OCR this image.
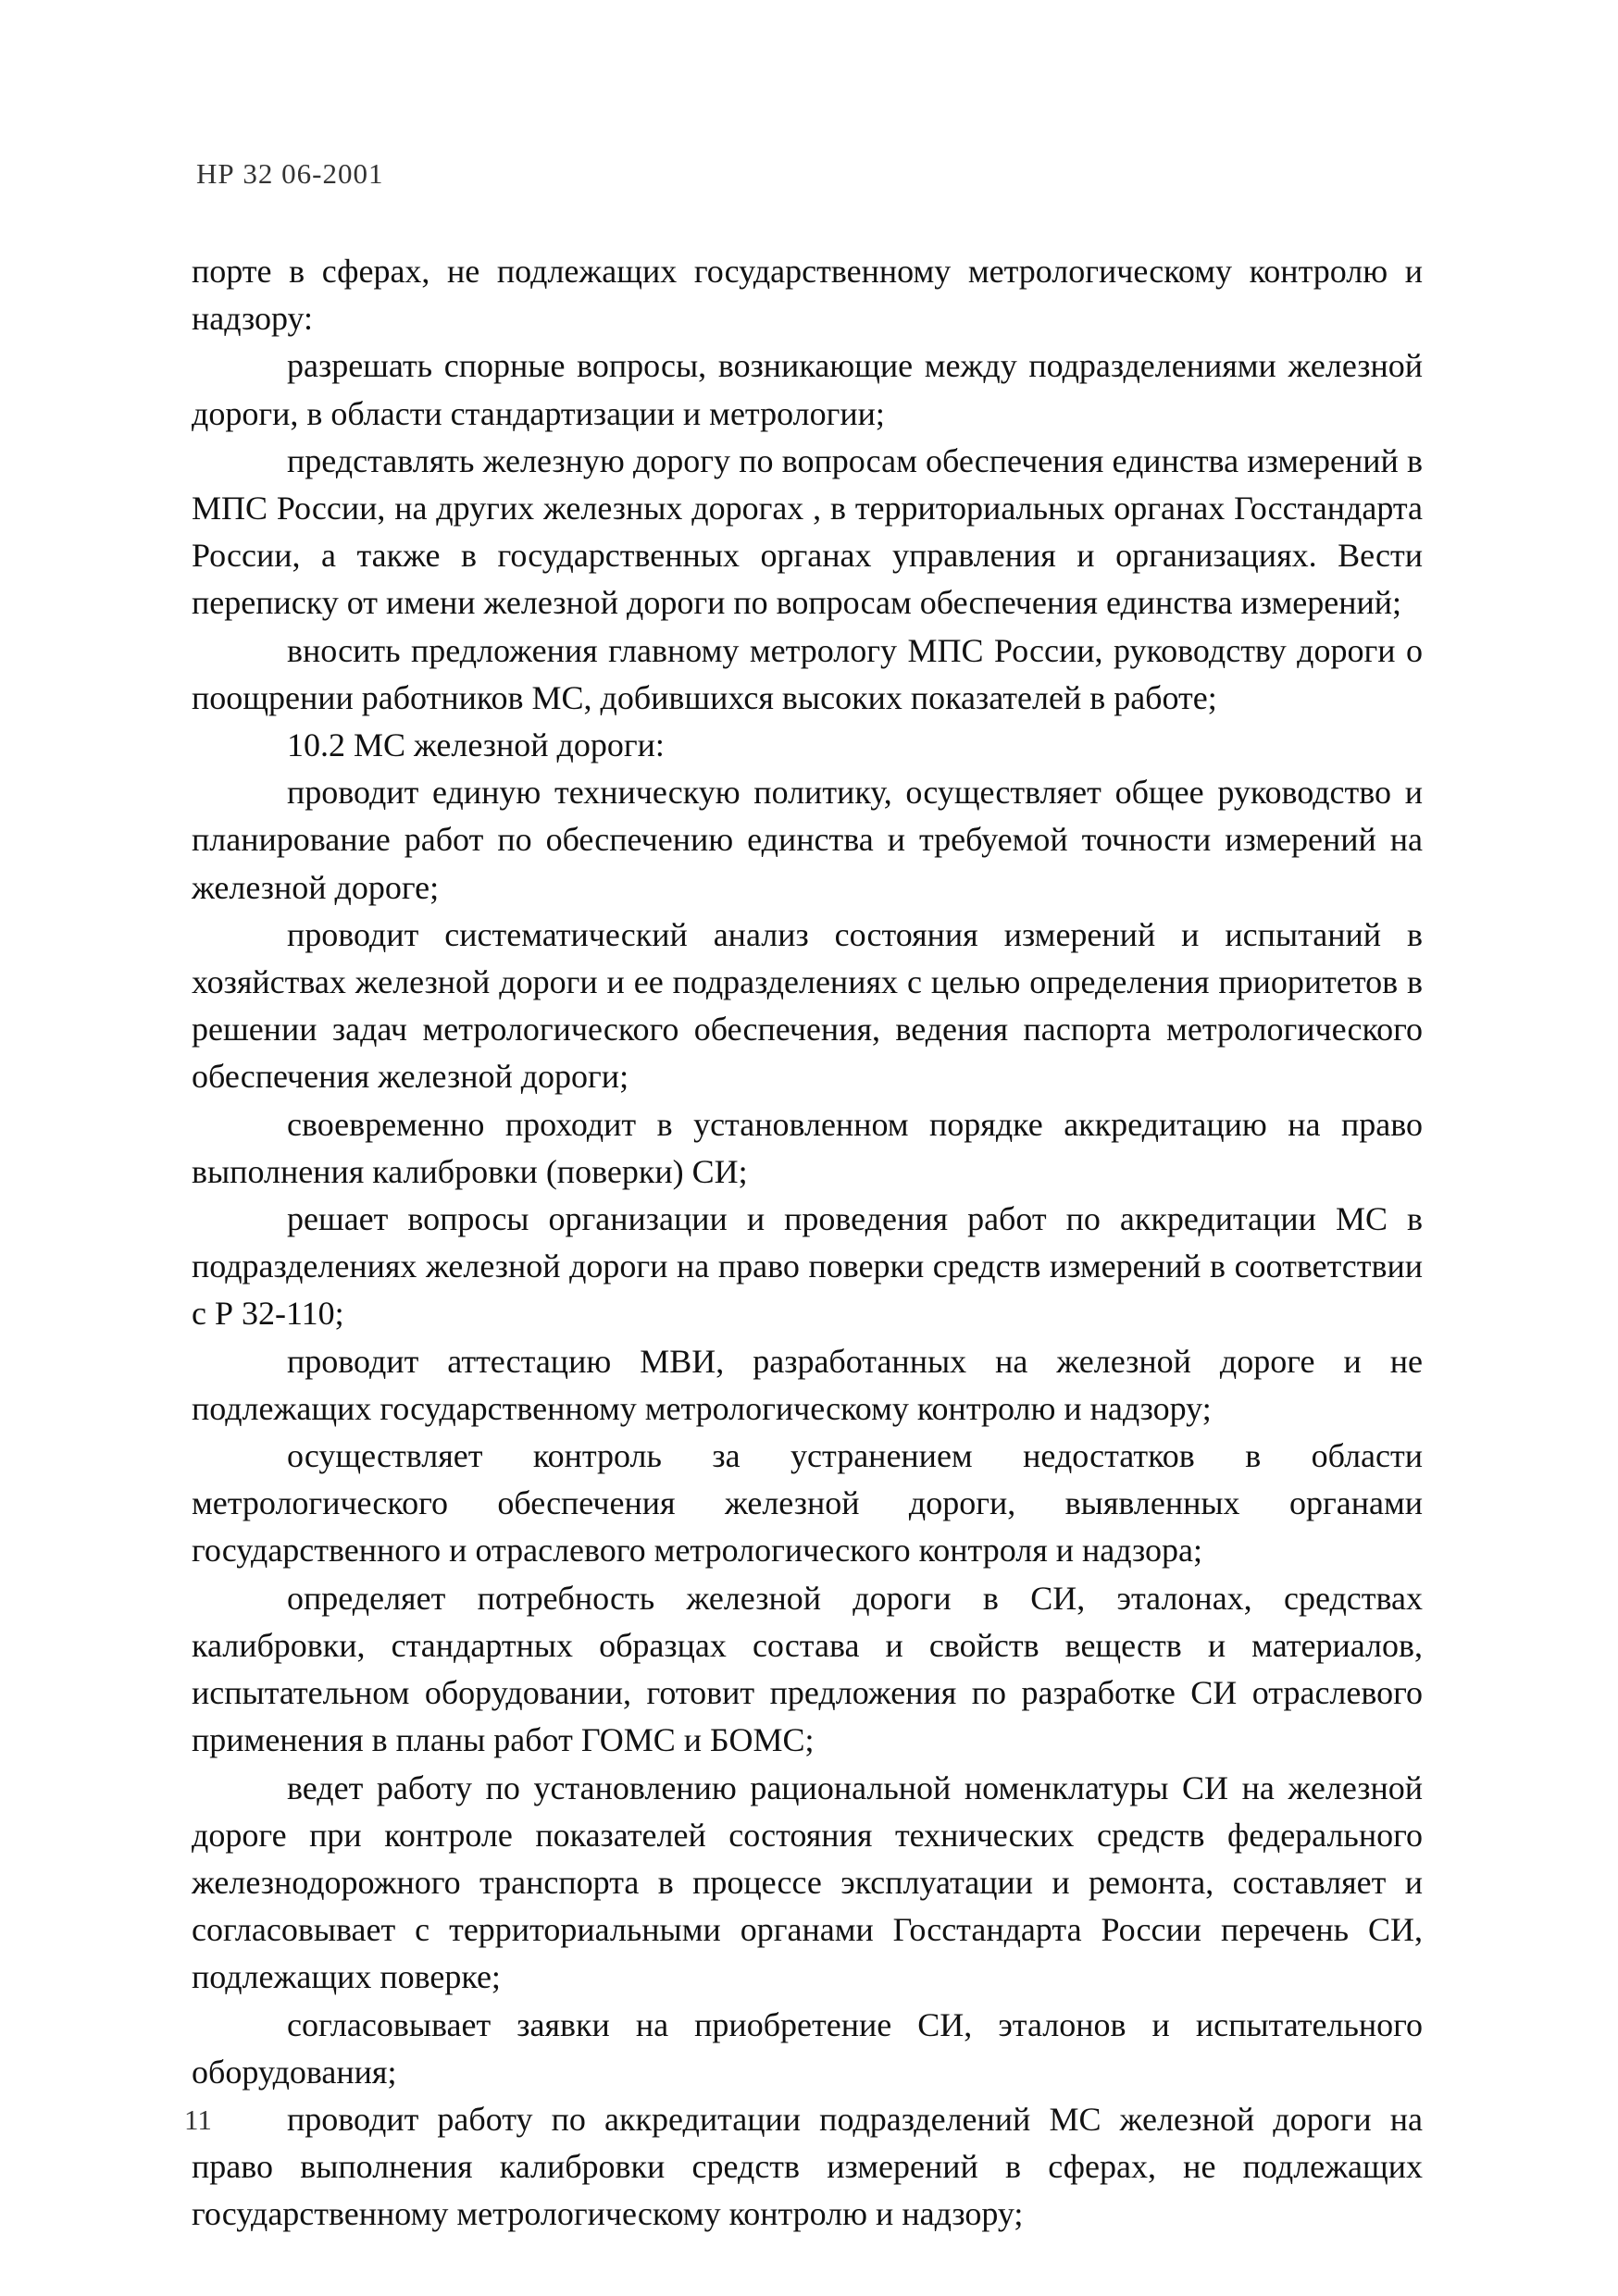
НР 32 06-2001

порте в сферах, не подлежащих государственному метрологическому контролю и надзору:

разрешать спорные вопросы, возникающие между подразделениями железной дороги, в области стандартизации и метрологии;

представлять железную дорогу по вопросам обеспечения единства измерений в МПС России, на других железных дорогах , в территориальных органах Госстандарта России, а также в государственных органах управления и организациях. Вести переписку от имени железной дороги по вопросам обеспечения единства измерений;

вносить предложения главному метрологу МПС России, руководству дороги о поощрении работников МС, добившихся высоких показателей в работе;

10.2 МС железной дороги:

проводит единую техническую политику, осуществляет общее руководство и планирование работ по обеспечению единства и требуемой точности измерений на железной дороге;

проводит систематический анализ состояния измерений и испытаний в хозяйствах железной дороги и ее подразделениях с целью определения приоритетов в решении задач метрологического обеспечения, ведения паспорта метрологического обеспечения железной дороги;

своевременно проходит в установленном порядке аккредитацию на право выполнения калибровки (поверки) СИ;

решает вопросы организации и проведения работ по аккредитации МС в подразделениях железной дороги на право поверки средств измерений в соответствии с Р 32-110;

проводит аттестацию МВИ, разработанных на железной дороге и не подлежащих государственному метрологическому контролю и надзору;

осуществляет контроль за устранением недостатков в области метрологического обеспечения железной дороги, выявленных органами государственного и отраслевого метрологического контроля и надзора;

определяет потребность железной дороги в СИ, эталонах, средствах калибровки, стандартных образцах состава и свойств веществ и материалов, испытательном оборудовании, готовит предложения по разработке СИ отраслевого применения в планы работ ГОМС и БОМС;

ведет работу по установлению рациональной номенклатуры СИ на железной дороге при контроле показателей состояния технических средств федерального железнодорожного транспорта в процессе эксплуатации и ремонта, составляет и согласовывает с территориальными органами Госстандарта России перечень СИ, подлежащих поверке;

согласовывает заявки на приобретение СИ, эталонов и испытательного оборудования;

проводит работу по аккредитации подразделений МС железной дороги на право выполнения калибровки средств измерений в сферах, не подлежащих государственному метрологическому контролю и надзору;

11
